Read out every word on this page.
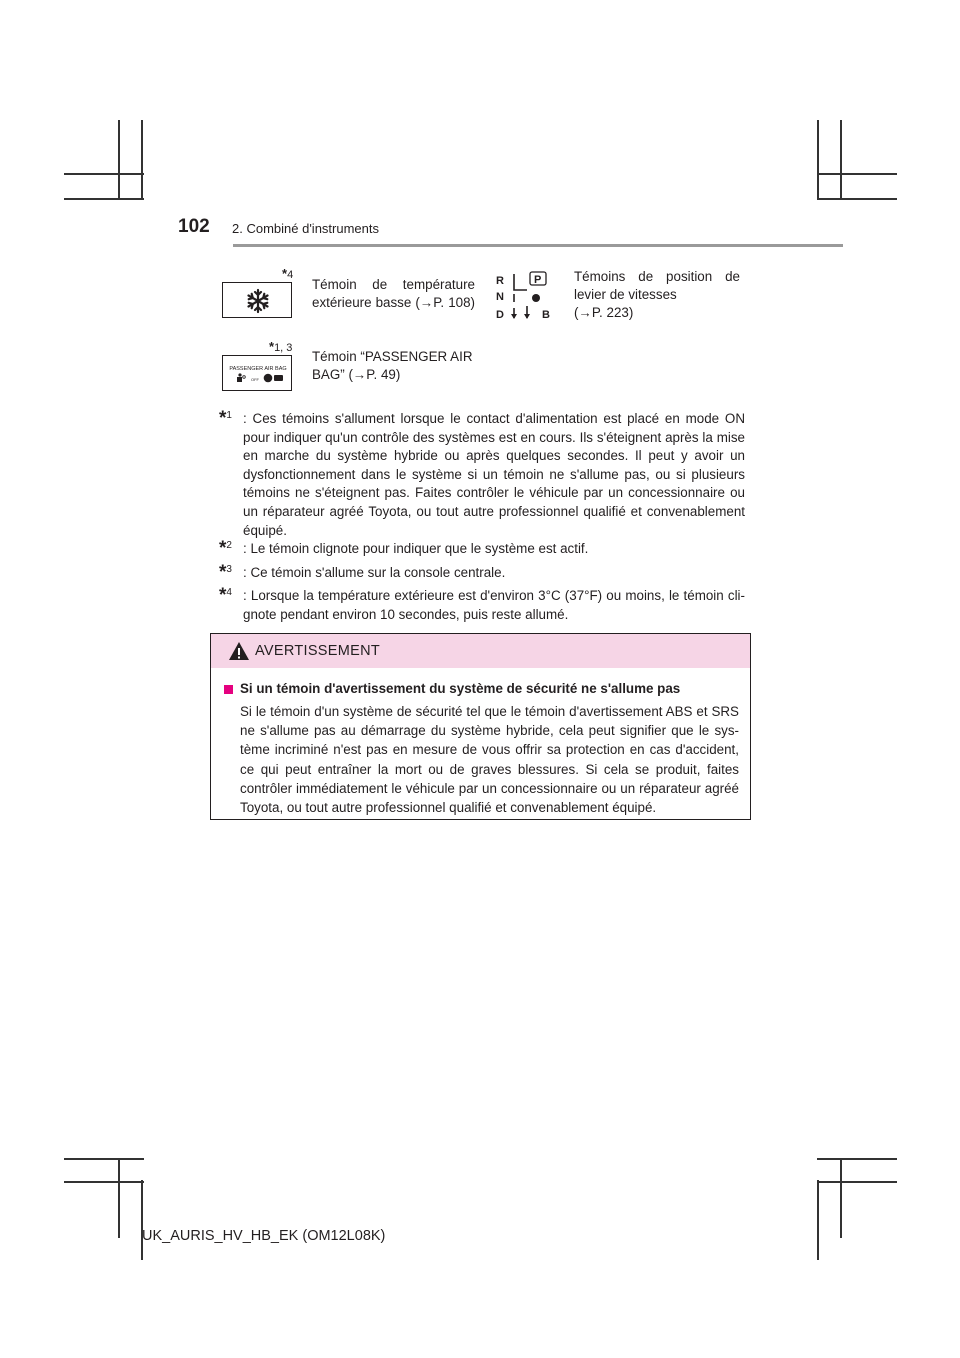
102 2. Combiné d'instruments
*4
Témoin de température extérieure basse (→P. 108)
R
N
D
P
B
Témoins de position de
levier de vitesses
(→P. 223)
*1, 3
PASSENGER AIR BAG
OFF
Témoin “PASSENGER AIR BAG” (→P. 49)
*$^1$ : Ces témoins s'allument lorsque le contact d'alimentation est placé en mode ON pour indiquer qu'un contrôle des systèmes est en cours. Ils s'éteignent après la mise en marche du système hybride ou après quelques secondes. Il peut y avoir un dysfonctionnement dans le système si un témoin ne s'allume pas, ou si plusieurs témoins ne s'éteignent pas. Faites contrôler le véhicule par un concessionnaire ou un réparateur agréé Toyota, ou tout autre professionnel qualifié et convenablement équipé.
*$^2$ : Le témoin clignote pour indiquer que le système est actif.
*$^3$ : Ce témoin s'allume sur la console centrale.
*$^4$ : Lorsque la température extérieure est d'environ 3°C (37°F) ou moins, le témoin cli-gnote pendant environ 10 secondes, puis reste allumé.
AVERTISSEMENT
Si un témoin d'avertissement du système de sécurité ne s'allume pas
Si le témoin d'un système de sécurité tel que le témoin d'avertissement ABS et SRS ne s'allume pas au démarrage du système hybride, cela peut signifier que le sys-tème incriminé n'est pas en mesure de vous offrir sa protection en cas d'accident, ce qui peut entraîner la mort ou de graves blessures. Si cela se produit, faites contrôler immédiatement le véhicule par un concessionnaire ou un réparateur agréé Toyota, ou tout autre professionnel qualifié et convenablement équipé.
UK_AURIS_HV_HB_EK (OM12L08K)
